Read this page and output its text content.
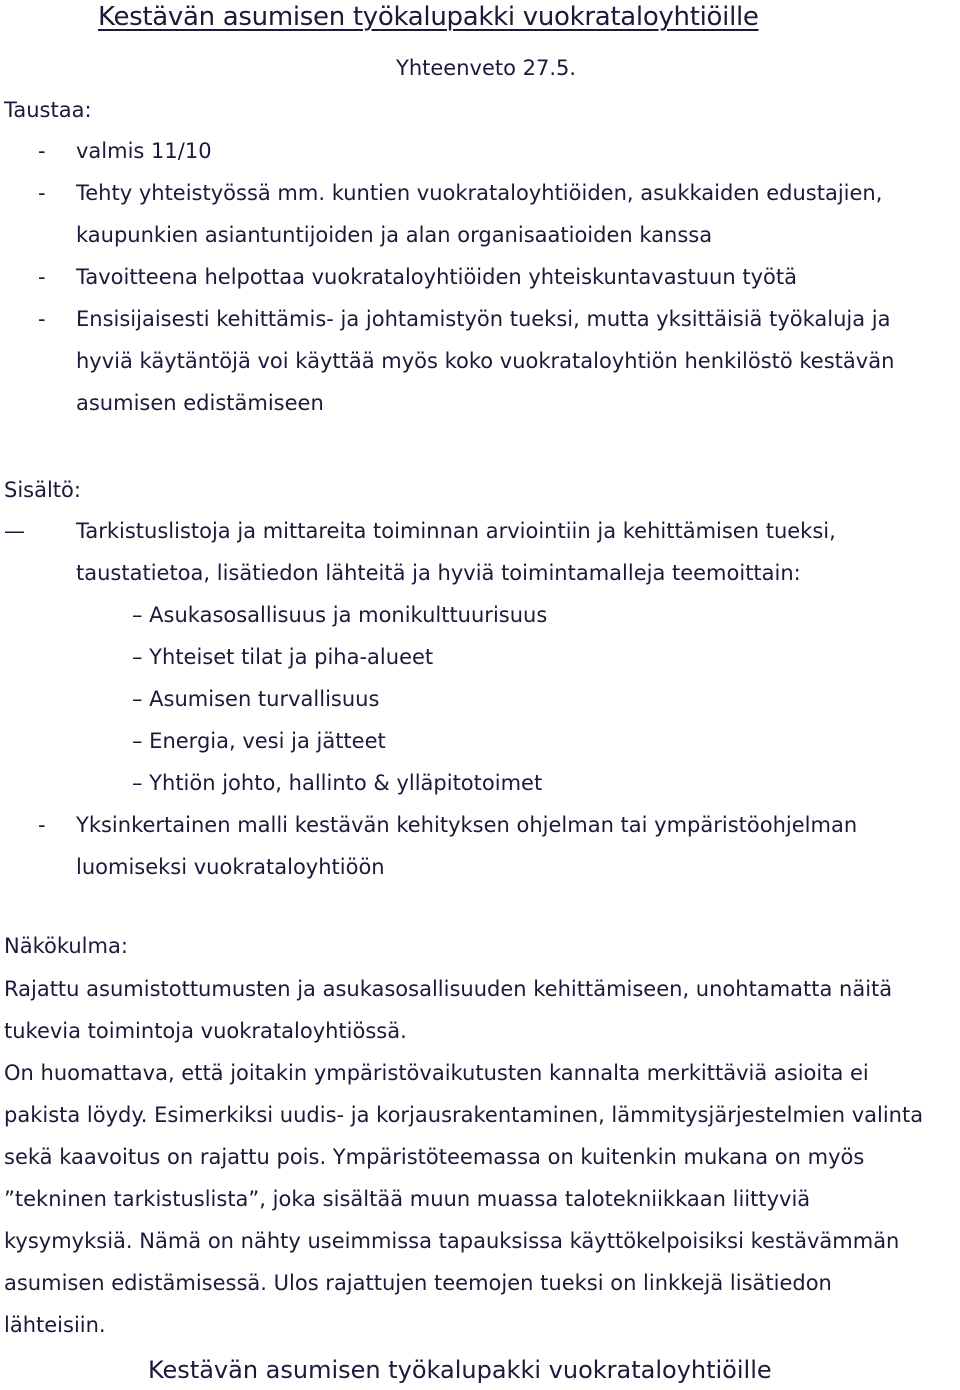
Kestävän asumisen työkalupakki vuokrataloyhtiöille
Yhteenveto 27.5.
Taustaa:
-	valmis 11/10
-	Tehty yhteistyössä mm. kuntien vuokrataloyhtiöiden, asukkaiden edustajien,
kaupunkien asiantuntijoiden ja alan organisaatioiden kanssa
-	Tavoitteena helpottaa vuokrataloyhtiöiden yhteiskuntavastuun työtä
-	Ensisijaisesti kehittämis- ja johtamistyön tueksi, mutta yksittäisiä työkaluja ja
hyviä käytäntöjä voi käyttää myös koko vuokrataloyhtiön henkilöstö kestävän
asumisen edistämiseen
Sisältö:
—	Tarkistuslistoja ja mittareita toiminnan arviointiin ja kehittämisen tueksi,
taustatietoa, lisätiedon lähteitä ja hyviä toimintamalleja teemoittain:
– Asukasosallisuus ja monikulttuurisuus
– Yhteiset tilat ja piha-alueet
– Asumisen turvallisuus
– Energia, vesi ja jätteet
– Yhtiön johto, hallinto & ylläpitotoimet
-	Yksinkertainen malli kestävän kehityksen ohjelman tai ympäristöohjelman
luomiseksi vuokrataloyhtiöön
Näkökulma:
Rajattu asumistottumusten ja asukasosallisuuden kehittämiseen, unohtamatta näitä
tukevia toimintoja vuokrataloyhtiössä.
On huomattava, että joitakin ympäristövaikutusten kannalta merkittäviä asioita ei
pakista löydy. Esimerkiksi uudis- ja korjausrakentaminen, lämmitysjärjestelmien valinta
sekä kaavoitus on rajattu pois. Ympäristöteemassa on kuitenkin mukana on myös
”tekninen tarkistuslista”, joka sisältää muun muassa talotekniikkaan liittyviä
kysymyksiä. Nämä on nähty useimmissa tapauksissa käyttökelpoisiksi kestävämmän
asumisen edistämisessä. Ulos rajattujen teemojen tueksi on linkkejä lisätiedon
lähteisiin.
Kestävän asumisen työkalupakki vuokrataloyhtiöille
